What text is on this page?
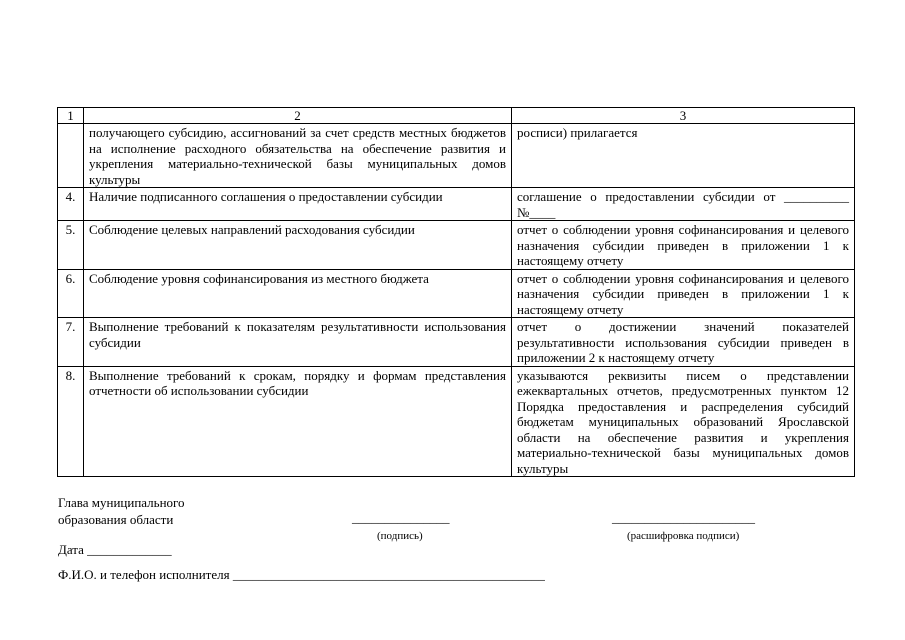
1	2	3
	получающего субсидию, ассигнований за счет средств местных бюджетов на исполнение расходного обязательства на обеспечение развития и укрепления материально-технической базы муниципальных домов культуры	росписи) прилагается
4.	Наличие подписанного соглашения о предоставлении субсидии	соглашение о предоставлении субсидии от __________ №____
5.	Соблюдение целевых направлений расходования субсидии	отчет о соблюдении уровня софинансирования и целевого назначения субсидии приведен в приложении 1 к настоящему отчету
6.	Соблюдение уровня софинансирования из местного бюджета	отчет о соблюдении уровня софинансирования и целевого назначения субсидии приведен в приложении 1 к настоящему отчету
7.	Выполнение требований к показателям результативности использования субсидии	отчет о достижении значений показателей результативности использования субсидии приведен в приложении 2 к настоящему отчету
8.	Выполнение требований к срокам, порядку и формам представления отчетности об использовании субсидии	указываются реквизиты писем о представлении ежеквартальных отчетов, предусмотренных пунктом 12 Порядка предоставления и распределения субсидий бюджетам муниципальных образований Ярославской области на обеспечение развития и укрепления материально-технической базы муниципальных домов культуры
Глава муниципального
образования области	_______________
(подпись)
______________________
(расшифровка подписи)
Дата _____________
Ф.И.О. и телефон исполнителя ________________________________________________
